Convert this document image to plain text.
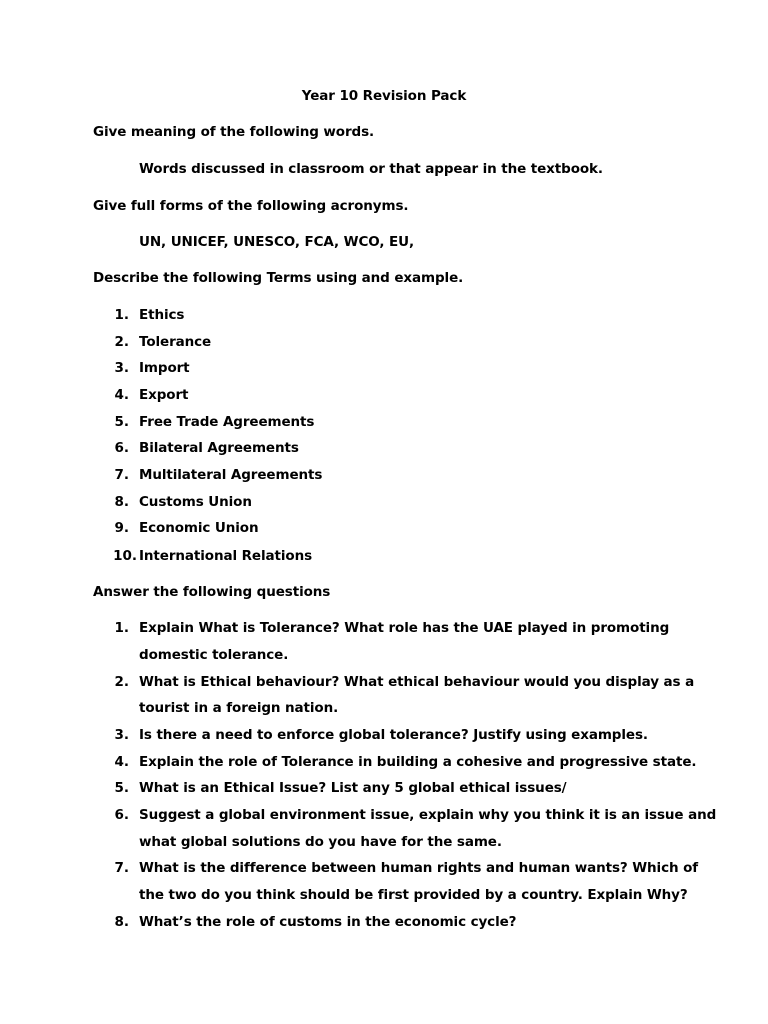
Year 10 Revision Pack
Give meaning of the following words.
Words discussed in classroom or that appear in the textbook.
Give full forms of the following acronyms.
UN, UNICEF, UNESCO, FCA, WCO, EU,
Describe the following Terms using and example.
1. Ethics
2. Tolerance
3. Import
4. Export
5. Free Trade Agreements
6. Bilateral Agreements
7. Multilateral Agreements
8. Customs Union
9. Economic Union
10. International Relations
Answer the following questions
1. Explain What is Tolerance? What role has the UAE played in promoting
domestic tolerance.
2. What is Ethical behaviour? What ethical behaviour would you display as a
tourist in a foreign nation.
3. Is there a need to enforce global tolerance? Justify using examples.
4. Explain the role of Tolerance in building a cohesive and progressive state.
5. What is an Ethical Issue? List any 5 global ethical issues/
6. Suggest a global environment issue, explain why you think it is an issue and
what global solutions do you have for the same.
7. What is the difference between human rights and human wants? Which of
the two do you think should be first provided by a country. Explain Why?
8. What’s the role of customs in the economic cycle?
